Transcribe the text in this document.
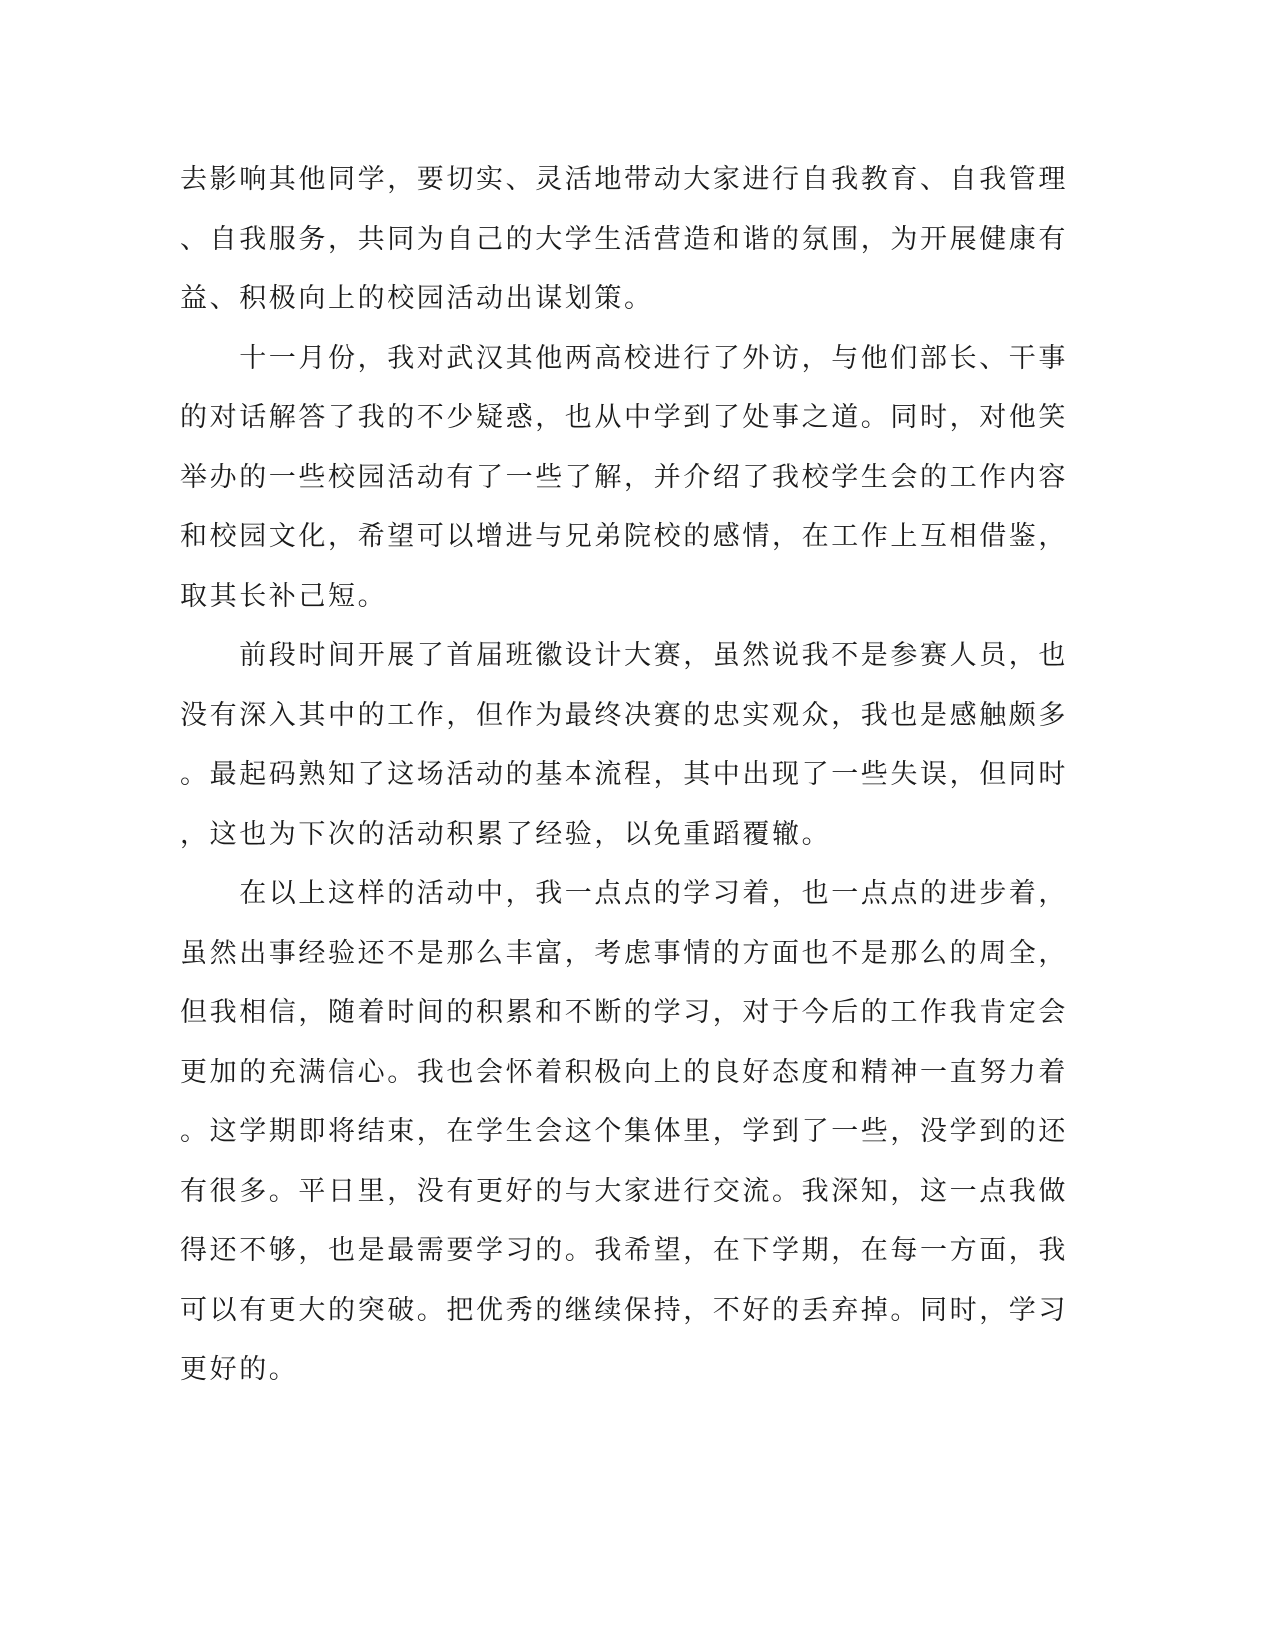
去影响其他同学，要切实、灵活地带动大家进行自我教育、自我管理
、自我服务，共同为自己的大学生活营造和谐的氛围，为开展健康有
益、积极向上的校园活动出谋划策。
　　十一月份，我对武汉其他两高校进行了外访，与他们部长、干事
的对话解答了我的不少疑惑，也从中学到了处事之道。同时，对他笑
举办的一些校园活动有了一些了解，并介绍了我校学生会的工作内容
和校园文化，希望可以增进与兄弟院校的感情，在工作上互相借鉴，
取其长补己短。
　　前段时间开展了首届班徽设计大赛，虽然说我不是参赛人员，也
没有深入其中的工作，但作为最终决赛的忠实观众，我也是感触颇多
。最起码熟知了这场活动的基本流程，其中出现了一些失误，但同时
，这也为下次的活动积累了经验，以免重蹈覆辙。
　　在以上这样的活动中，我一点点的学习着，也一点点的进步着，
虽然出事经验还不是那么丰富，考虑事情的方面也不是那么的周全，
但我相信，随着时间的积累和不断的学习，对于今后的工作我肯定会
更加的充满信心。我也会怀着积极向上的良好态度和精神一直努力着
。这学期即将结束，在学生会这个集体里，学到了一些，没学到的还
有很多。平日里，没有更好的与大家进行交流。我深知，这一点我做
得还不够，也是最需要学习的。我希望，在下学期，在每一方面，我
可以有更大的突破。把优秀的继续保持，不好的丢弃掉。同时，学习
更好的。
